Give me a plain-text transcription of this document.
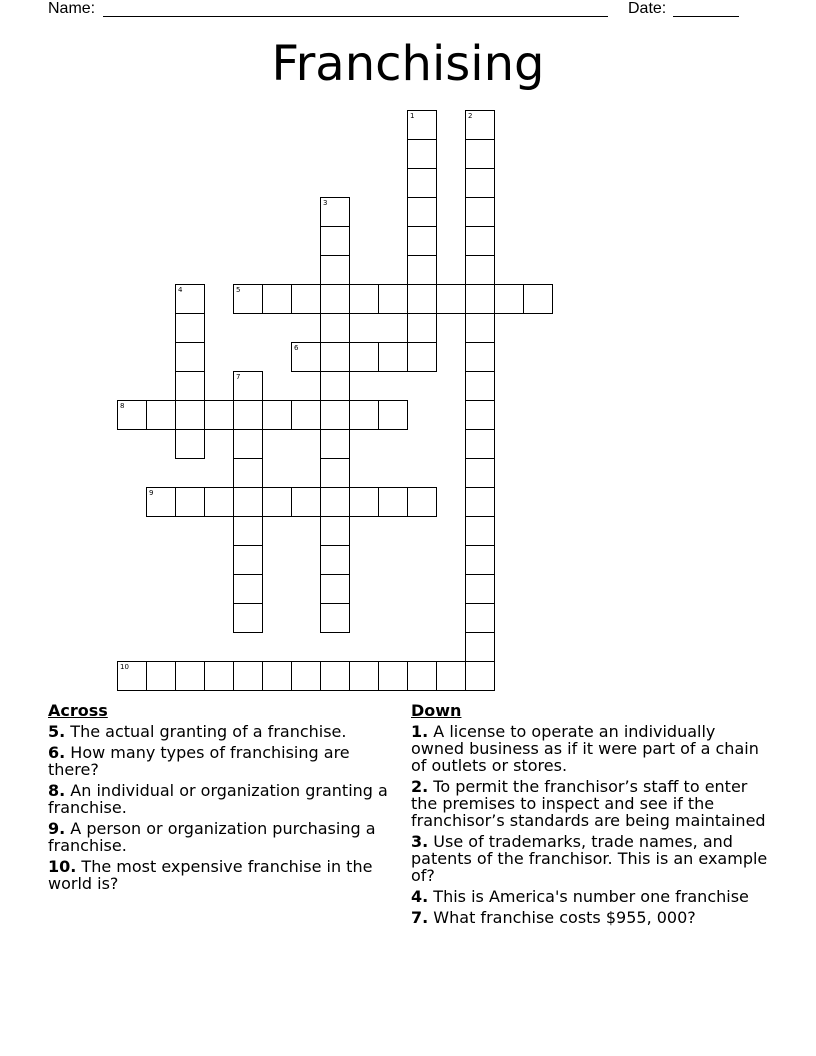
Name:	Date:
Franchising
1	2
3
4	5
6
7
8
9
10
Across
5. The actual granting of a franchise.
6. How many types of franchising are there?
8. An individual or organization granting a franchise.
9. A person or organization purchasing a franchise.
10. The most expensive franchise in the world is?
Down
1. A license to operate an individually owned business as if it were part of a chain of outlets or stores.
2. To permit the franchisor’s staff to enter the premises to inspect and see if the franchisor’s standards are being maintained
3. Use of trademarks, trade names, and patents of the franchisor. This is an example of?
4. This is America's number one franchise
7. What franchise costs $955, 000?
